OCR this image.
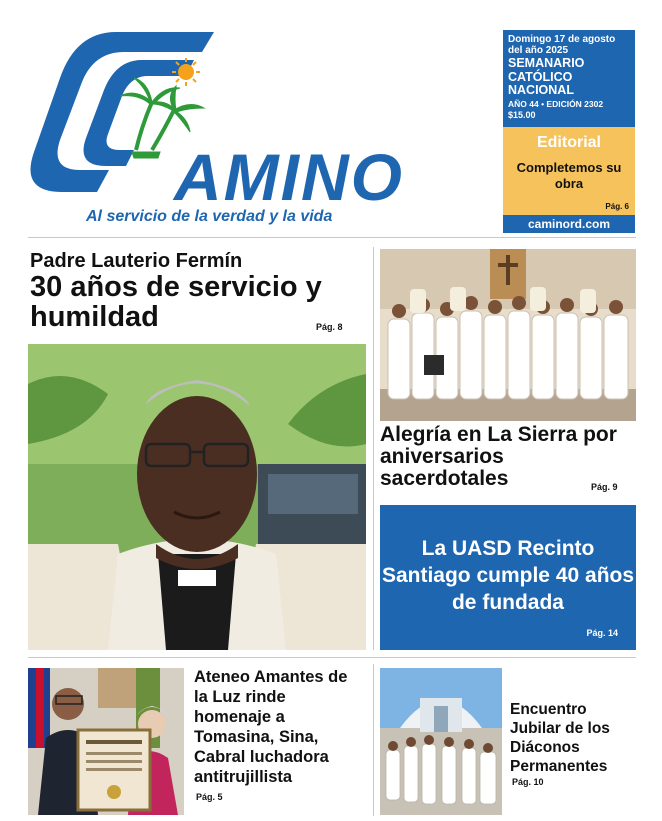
AMINO
Al servicio de la verdad y la vida
Domingo 17 de agosto del año 2025
SEMANARIO CATÓLICO NACIONAL
AÑO 44 • EDICIÓN 2302
$15.00
Editorial
Completemos su obra
Pág. 6
caminord.com
Padre Lauterio Fermín
30 años de servicio y humildad	Pág. 8
Alegría en La Sierra por aniversarios sacerdotales	Pág. 9
La UASD Recinto Santiago cumple 40 años de fundada
Pág. 14
Ateneo Amantes de la Luz rinde homenaje a Tomasina, Sina, Cabral luchadora antitrujillista
Pág. 5
Encuentro Jubilar de los Diáconos Permanentes
Pág. 10
